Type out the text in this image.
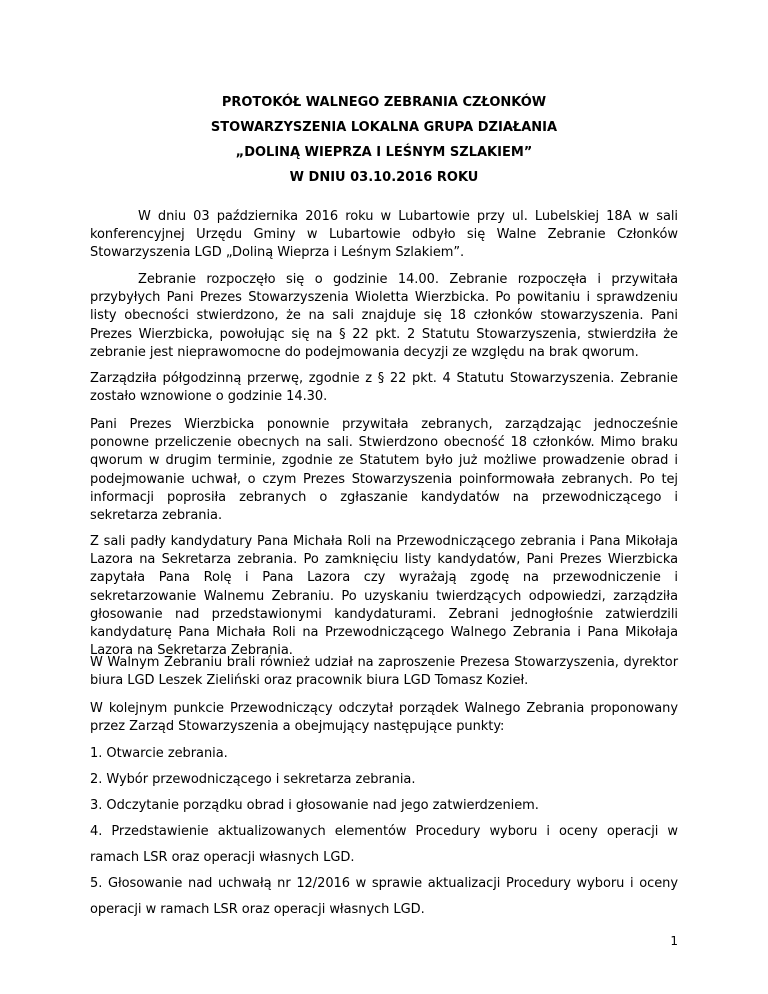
PROTOKÓŁ WALNEGO ZEBRANIA CZŁONKÓW

STOWARZYSZENIA LOKALNA GRUPA DZIAŁANIA

„DOLINĄ WIEPRZA I LEŚNYM SZLAKIEM”

W DNIU 03.10.2016 ROKU

W dniu 03 października 2016 roku w Lubartowie przy ul. Lubelskiej 18A w sali konferencyjnej Urzędu Gminy w Lubartowie odbyło się Walne Zebranie Członków Stowarzyszenia LGD „Doliną Wieprza i Leśnym Szlakiem”.

Zebranie rozpoczęło się o godzinie 14.00. Zebranie rozpoczęła i przywitała przybyłych Pani Prezes Stowarzyszenia Wioletta Wierzbicka. Po powitaniu i sprawdzeniu listy obecności stwierdzono, że na sali znajduje się 18 członków stowarzyszenia. Pani Prezes Wierzbicka, powołując się na § 22 pkt. 2 Statutu Stowarzyszenia, stwierdziła że zebranie jest nieprawomocne do podejmowania decyzji ze względu na brak qworum.

Zarządziła półgodzinną przerwę, zgodnie z § 22 pkt. 4 Statutu Stowarzyszenia. Zebranie zostało wznowione o godzinie 14.30.

Pani Prezes Wierzbicka ponownie przywitała zebranych, zarządzając jednocześnie ponowne przeliczenie obecnych na sali. Stwierdzono obecność 18 członków. Mimo braku qworum w drugim terminie, zgodnie ze Statutem było już możliwe prowadzenie obrad i podejmowanie uchwał, o czym Prezes Stowarzyszenia poinformowała zebranych. Po tej informacji poprosiła zebranych o zgłaszanie kandydatów na przewodniczącego i sekretarza zebrania.

Z sali padły kandydatury Pana Michała Roli na Przewodniczącego zebrania i Pana Mikołaja Lazora na Sekretarza zebrania. Po zamknięciu listy kandydatów, Pani Prezes Wierzbicka zapytała Pana Rolę i Pana Lazora czy wyrażają zgodę na przewodniczenie i sekretarzowanie Walnemu Zebraniu. Po uzyskaniu twierdzących odpowiedzi, zarządziła głosowanie nad przedstawionymi kandydaturami. Zebrani jednogłośnie zatwierdzili kandydaturę Pana Michała Roli na Przewodniczącego Walnego Zebrania i Pana Mikołaja Lazora na Sekretarza Zebrania.

W Walnym Zebraniu brali również udział na zaproszenie Prezesa Stowarzyszenia, dyrektor biura LGD Leszek Zieliński oraz pracownik biura LGD Tomasz Kozieł.

W kolejnym punkcie Przewodniczący odczytał porządek Walnego Zebrania proponowany przez Zarząd Stowarzyszenia a obejmujący następujące punkty:

1. Otwarcie zebrania.

2. Wybór przewodniczącego i sekretarza zebrania.

3. Odczytanie porządku obrad i głosowanie nad jego zatwierdzeniem.

4. Przedstawienie aktualizowanych elementów Procedury wyboru i oceny operacji w ramach LSR oraz operacji własnych LGD.

5. Głosowanie nad uchwałą nr 12/2016 w sprawie aktualizacji Procedury wyboru i oceny operacji w ramach LSR oraz operacji własnych LGD.

1
